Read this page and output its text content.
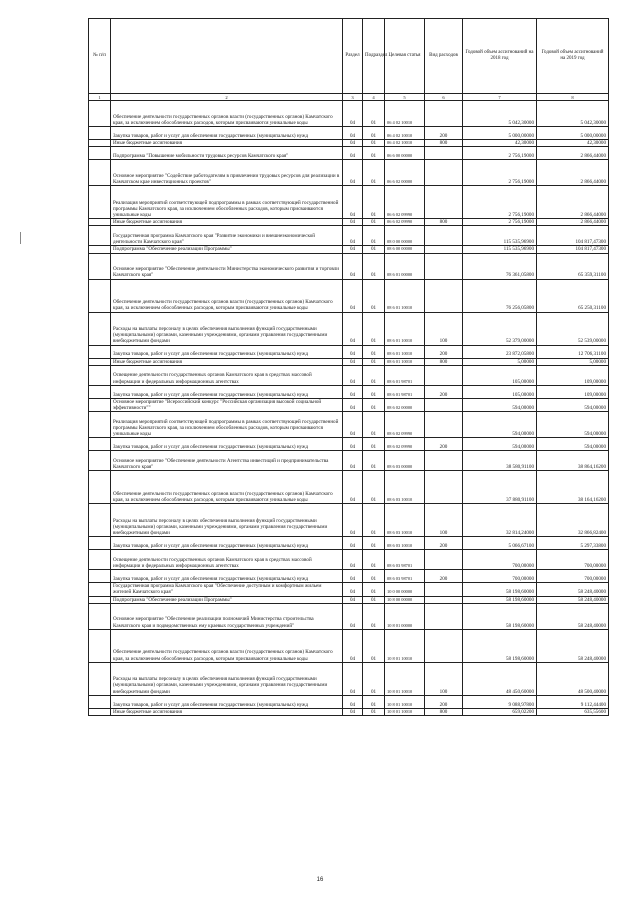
№ п/п		Раздел	Подраздел	Целевая статья	Вид расходов	Годовой объем ассигнований на 2018 год	Годовой объем ассигнований на 2019 год
1	2	3	4	5	6	7	8
	Обеспечение деятельности государственных органов власти (государственных органов) Камчатского края, за исключением обособленных расходов, которым присваиваются уникальные коды	04	01	06 4 02 10010		5 042,30000	5 042,30000
	Закупка товаров, работ и услуг для обеспечения государственных (муниципальных) нужд	04	01	06 4 02 10010	200	5 000,00000	5 000,00000
	Иные бюджетные ассигнования	04	01	06 4 02 10010	800	42,30000	42,30000
	Подпрограмма "Повышение мобильности трудовых ресурсов Камчатского края"	04	01	06 6 00 00000		2 756,19000	2 866,44000
	Основное мероприятие "Содействие работодателям в привлечении трудовых ресурсов для реализации в Камчатском крае инвестиционных проектов"	04	01	06 6 02 00000		2 756,19000	2 866,44000
	Реализация мероприятий соответствующей подпрограммы в рамках соответствующей государственной программы Камчатского края, за исключением обособленных расходов, которым присваиваются уникальные коды	04	01	06 6 02 09990		2 756,19000	2 866,44000
	Иные бюджетные ассигнования	04	01	06 6 02 09990	800	2 756,19000	2 866,44000
	Государственная программа Камчатского края "Развитие экономики и внешнеэкономической деятельности Камчатского края"	04	01	08 0 00 00000		115 535,96900	104 817,47300
	Подпрограмма "Обеспечение реализации Программы"	04	01	08 6 00 00000		115 535,96900	104 817,47300
	Основное мероприятие "Обеспечение деятельности Министерства экономического развития и торговли Камчатского края"	04	01	08 6 01 00000		76 361,05800	65 359,31100
	Обеспечение деятельности государственных органов власти (государственных органов) Камчатского края, за исключением обособленных расходов, которым присваиваются уникальные коды	04	01	08 6 01 10010		76 256,05800	65 250,31100
	Расходы на выплаты персоналу в целях обеспечения выполнения функций государственными (муниципальными) органами, казенными учреждениями, органами управления государственными внебюджетными фондами	04	01	08 6 01 10010	100	52 379,00000	52 539,00000
	Закупка товаров, работ и услуг для обеспечения государственных (муниципальных) нужд	04	01	08 6 01 10010	200	23 872,05800	12 706,31100
	Иные бюджетные ассигнования	04	01	08 6 01 10010	800	5,00000	5,00000
	Освещение деятельности государственных органов Камчатского края в средствах массовой информации и федеральных информационных агентствах	04	01	08 6 01 98701		105,00000	109,00000
	Закупка товаров, работ и услуг для обеспечения государственных (муниципальных) нужд	04	01	08 6 01 98701	200	105,00000	109,00000
	Основное мероприятие "Всероссийский конкурс "Российская организация высокой социальной эффективности""	04	01	08 6 02 00000		594,00000	594,00000
	Реализация мероприятий соответствующей подпрограммы в рамках соответствующей государственной программы Камчатского края, за исключением обособленных расходов, которым присваиваются уникальные коды	04	01	08 6 02 09990		594,00000	594,00000
	Закупка товаров, работ и услуг для обеспечения государственных (муниципальных) нужд	04	01	08 6 02 09990	200	594,00000	594,00000
	Основное мероприятие "Обеспечение деятельности Агентства инвестиций и предпринимательства Камчатского края"	04	01	08 6 03 00000		38 580,91100	38 864,16200
	Обеспечение деятельности государственных органов власти (государственных органов) Камчатского края, за исключением обособленных расходов, которым присваиваются уникальные коды	04	01	08 6 03 10010		37 880,91100	38 164,16200
	Расходы на выплаты персоналу в целях обеспечения выполнения функций государственными (муниципальными) органами, казенными учреждениями, органами управления государственными внебюджетными фондами	04	01	08 6 03 10010	100	32 814,24000	32 866,82400
	Закупка товаров, работ и услуг для обеспечения государственных (муниципальных) нужд	04	01	08 6 03 10010	200	5 066,67100	5 297,33800
	Освещение деятельности государственных органов Камчатского края в средствах массовой информации и федеральных информационных агентствах	04	01	08 6 03 98701		700,00000	700,00000
	Закупка товаров, работ и услуг для обеспечения государственных (муниципальных) нужд	04	01	08 6 03 98701	200	700,00000	700,00000
	Государственная программа Камчатского края "Обеспечение доступным и комфортным жильем жителей Камчатского края"	04	01	10 0 00 00000		58 198,60000	58 248,40000
	Подпрограмма "Обеспечение реализации Программы"	04	01	10 8 00 00000		58 198,60000	58 248,40000
	Основное мероприятие "Обеспечение реализации полномочий Министерства строительства Камчатского края и подведомственных ему краевых государственных учреждений"	04	01	10 8 01 00000		58 198,60000	58 248,40000
	Обеспечение деятельности государственных органов власти (государственных органов) Камчатского края, за исключением обособленных расходов, которым присваиваются уникальные коды	04	01	10 8 01 10010		58 198,60000	58 248,40000
	Расходы на выплаты персоналу в целях обеспечения выполнения функций государственными (муниципальными) органами, казенными учреждениями, органами управления государственными внебюджетными фондами	04	01	10 8 01 10010	100	48 450,60000	48 500,40000
	Закупка товаров, работ и услуг для обеспечения государственных (муниципальных) нужд	04	01	10 8 01 10010	200	9 088,97800	9 112,44400
	Иные бюджетные ассигнования	04	01	10 8 01 10010	800	659,02200	635,55600
16
